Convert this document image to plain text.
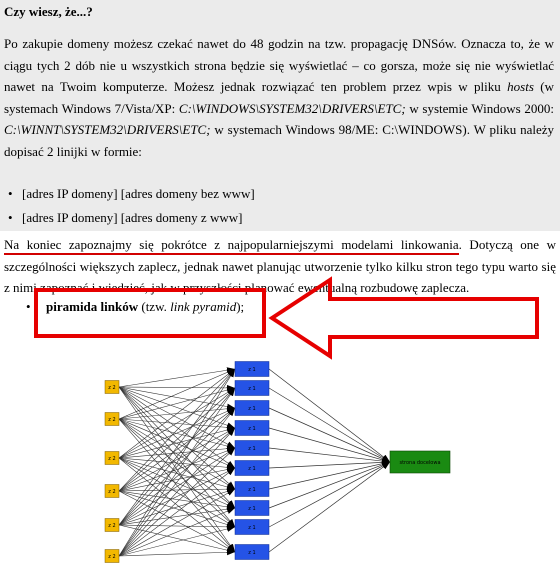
Czy wiesz, że...?
Po zakupie domeny możesz czekać nawet do 48 godzin na tzw. propagację DNSów. Oznacza to, że w ciągu tych 2 dób nie u wszystkich strona będzie się wyświetlać – co gorsza, może się nie wyświetlać nawet na Twoim komputerze. Możesz jednak rozwiązać ten problem przez wpis w pliku hosts (w systemach Windows 7/Vista/XP: C:\WINDOWS\SYSTEM32\DRIVERS\ETC; w systemie Windows 2000: C:\WINNT\SYSTEM32\DRIVERS\ETC; w systemach Windows 98/ME: C:\WINDOWS). W pliku należy dopisać 2 linijki w formie:
• [adres IP domeny] [adres domeny bez www]
• [adres IP domeny] [adres domeny z www]
Na koniec zapoznajmy się pokrótce z najpopularniejszymi modelami linkowania. Dotyczą one w szczególności większych zaplecz, jednak nawet planując utworzenie tylko kilku stron tego typu warto się z nimi zapoznać i wiedzieć, jak w przyszłości planować ewentualną rozbudowę zaplecza.
• piramida linków (tzw. link pyramid);
z 2
z 2
z 2
z 2
z 2
z 2
z 1
z 1
z 1
z 1
z 1
z 1
z 1
z 1
z 1
z 1
strona docelowa
